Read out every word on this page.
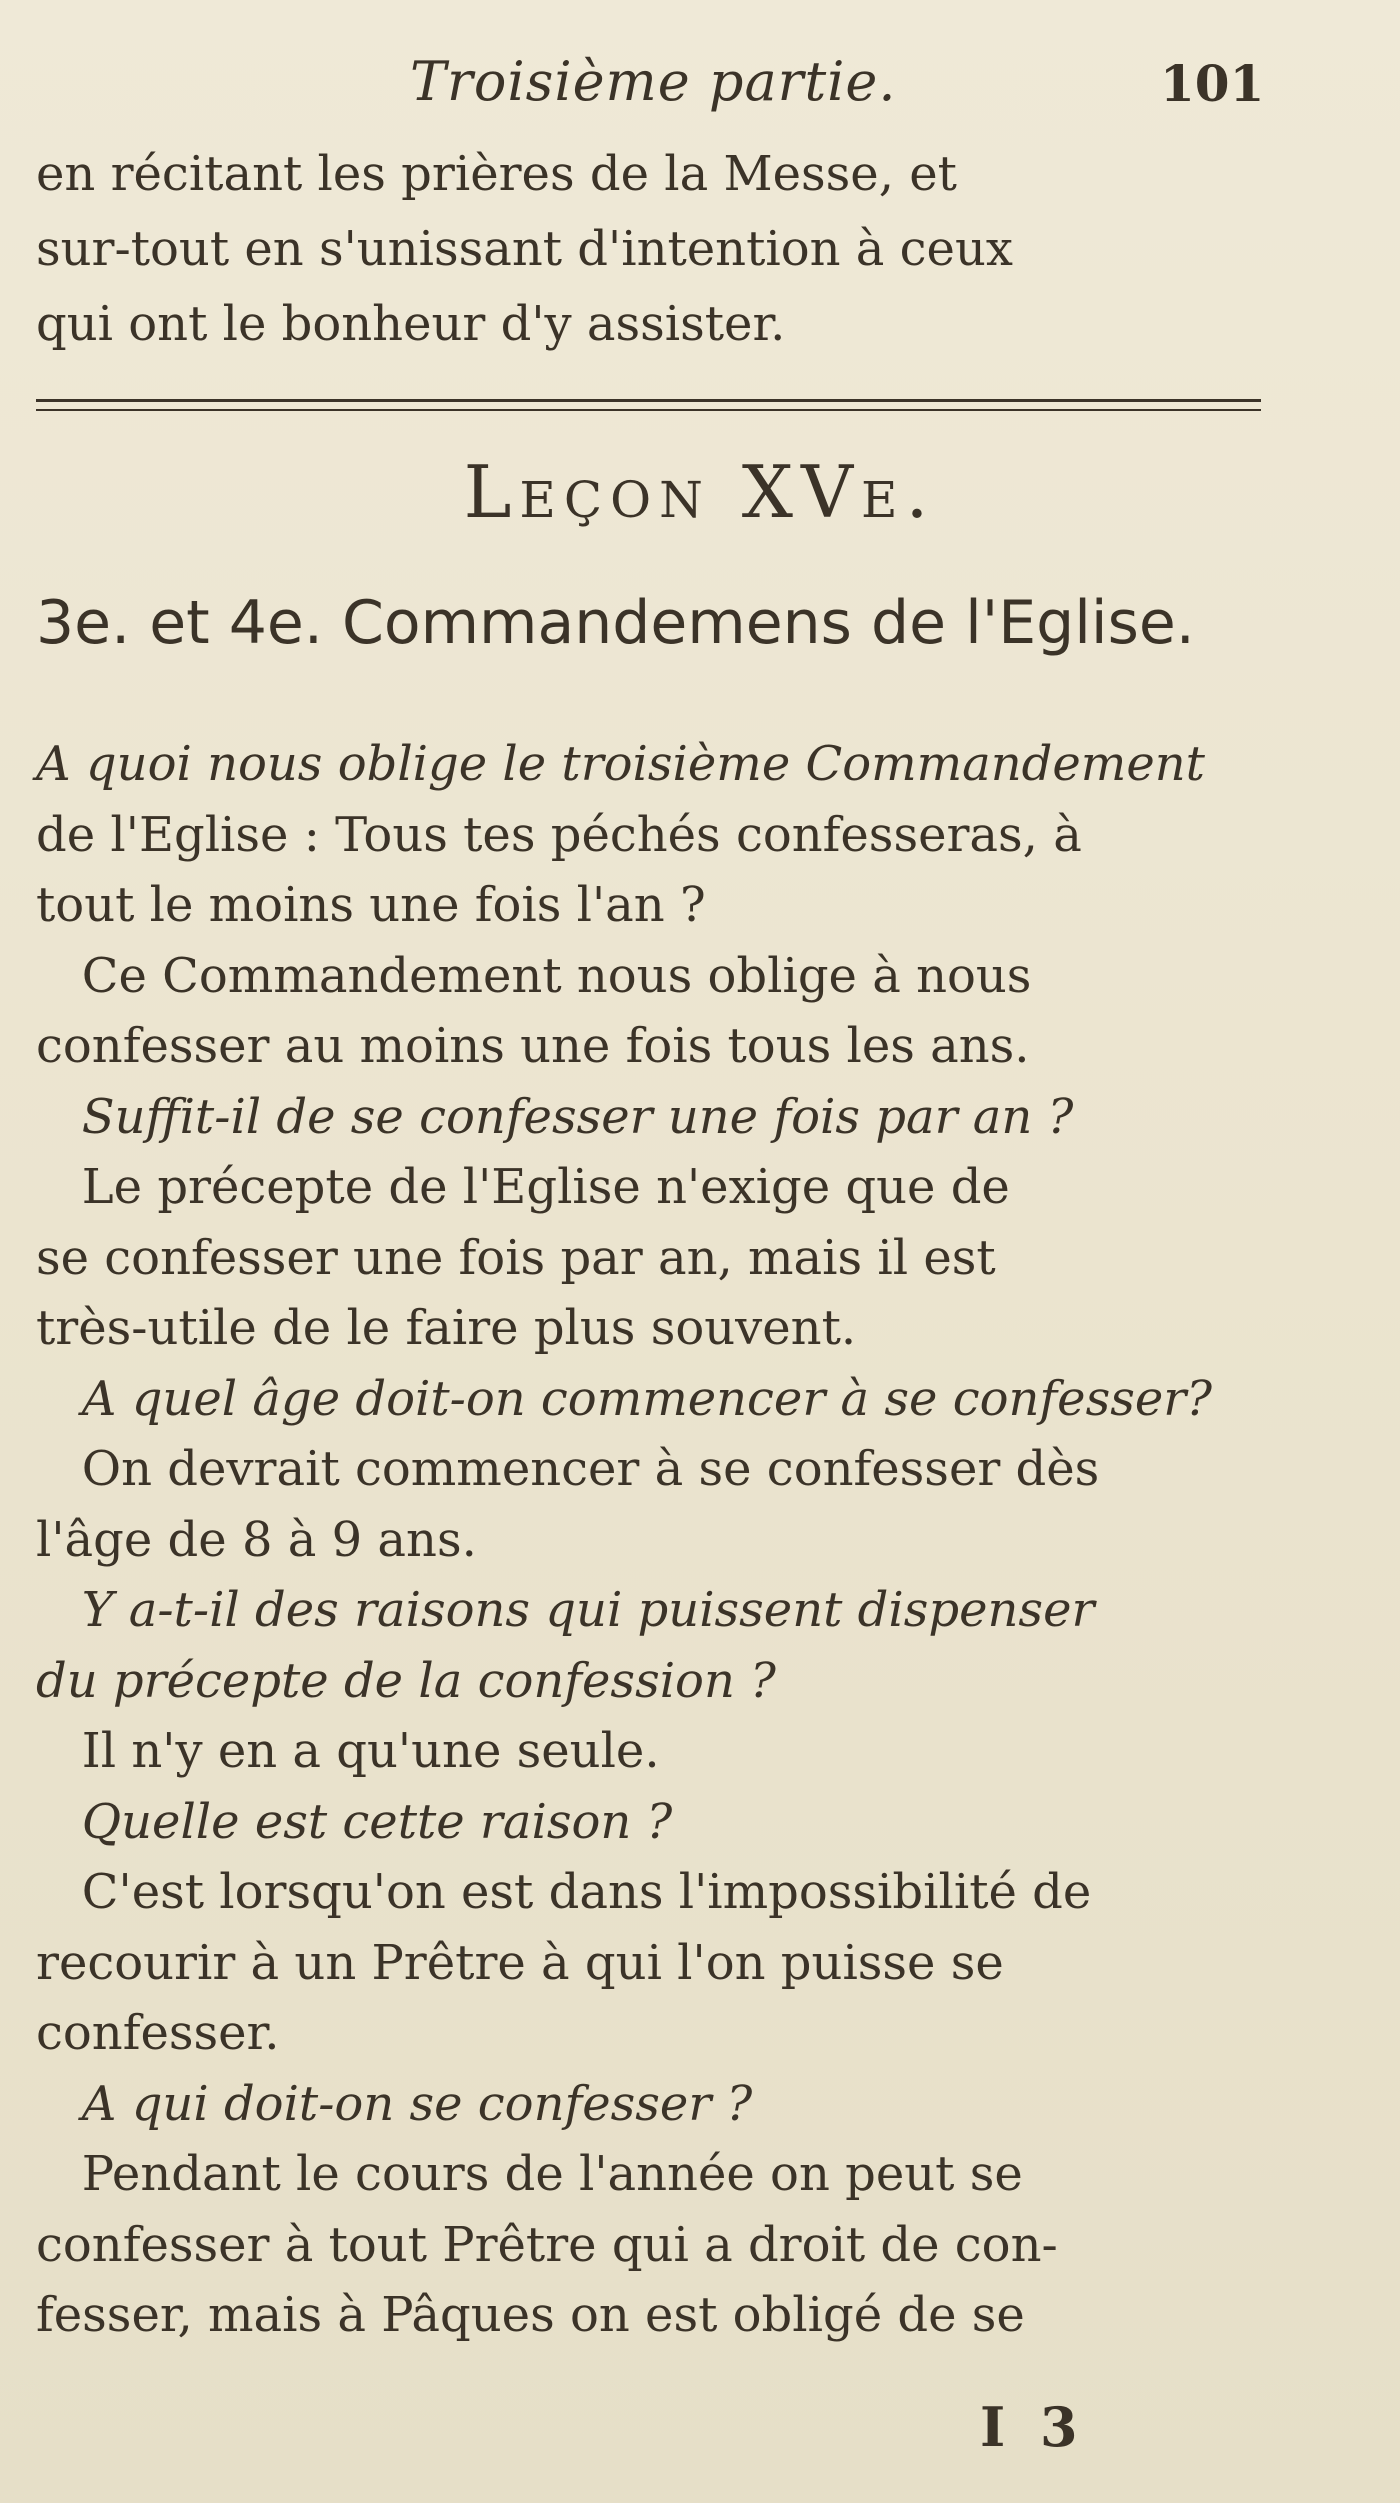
Troisième partie.	101
en récitant les prières de la Messe, et
sur-tout en s'unissant d'intention à ceux
qui ont le bonheur d'y assister.
Leçon XVe.
3e. et 4e. Commandemens de l'Eglise.
A quoi nous oblige le troisième Commandement
de l'Eglise : Tous tes péchés confesseras, à
tout le moins une fois l'an ?
Ce Commandement nous oblige à nous
confesser au moins une fois tous les ans.
Suffit-il de se confesser une fois par an ?
Le précepte de l'Eglise n'exige que de
se confesser une fois par an, mais il est
très-utile de le faire plus souvent.
A quel âge doit-on commencer à se confesser?
On devrait commencer à se confesser dès
l'âge de 8 à 9 ans.
Y a-t-il des raisons qui puissent dispenser
du précepte de la confession ?
Il n'y en a qu'une seule.
Quelle est cette raison ?
C'est lorsqu'on est dans l'impossibilité de
recourir à un Prêtre à qui l'on puisse se
confesser.
A qui doit-on se confesser ?
Pendant le cours de l'année on peut se
confesser à tout Prêtre qui a droit de con-
fesser, mais à Pâques on est obligé de se
I 3
